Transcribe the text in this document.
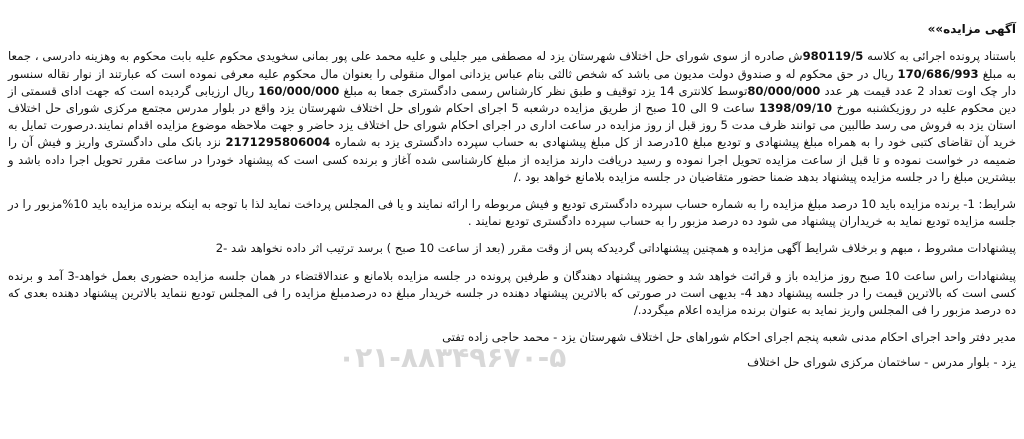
۰۲۱-۸۸۳۴۹۶۷۰-۵
آگهی مزایده»»

باستناد پرونده اجرائی به کلاسه 980119/5ش صادره از سوی شورای حل اختلاف شهرستان یزد له مصطفی میر جلیلی و علیه محمد علی پور بمانی سخویدی محکوم علیه بابت محکوم به وهزینه دادرسی ، جمعا به مبلغ 170/686/993 ریال در حق محکوم له و صندوق دولت مدیون می باشد که شخص ثالثی بنام عباس یزدانی اموال منقولی را بعنوان مال محکوم علیه معرفی نموده است که عبارتند از نوار نقاله سنسور دار چک اوت تعداد 2 عدد قیمت هر عدد 80/000/000توسط کلانتری 14 یزد توقیف و طبق نظر کارشناس رسمی دادگستری جمعا به مبلغ 160/000/000 ریال ارزیابی گردیده است که جهت ادای قسمتی از دین محکوم علیه در روزیکشنبه مورخ 1398/09/10 ساعت 9 الی 10 صبح از طریق مزایده درشعبه 5 اجرای احکام شورای حل اختلاف شهرستان یزد واقع در بلوار مدرس مجتمع مرکزی شورای حل اختلاف استان یزد به فروش می رسد طالبین می توانند ظرف مدت 5 روز قبل از روز مزایده در ساعت اداری در اجرای احکام شورای حل اختلاف یزد حاضر و جهت ملاحظه موضوع مزایده اقدام نمایند.درصورت تمایل به خرید آن تقاضای کتبی خود را به همراه مبلغ پیشنهادی و تودیع مبلغ 10درصد از کل مبلغ پیشنهادی به حساب سپرده دادگستری یزد به شماره 2171295806004 نزد بانک ملی دادگستری واریز و فیش آن را ضمیمه در خواست نموده و تا قبل از ساعت مزایده تحویل اجرا نموده و رسید دریافت دارند مزایده از مبلغ کارشناسی شده آغاز و برنده کسی است که پیشنهاد خودرا در ساعت مقرر تحویل اجرا داده باشد و بیشترین مبلغ را در جلسه مزایده پیشنهاد بدهد ضمنا حضور متقاضیان در جلسه مزایده بلامانع خواهد بود ./

شرایط: 1- برنده مزایده باید 10 درصد مبلغ مزایده را به شماره حساب سپرده دادگستری تودیع و فیش مربوطه را ارائه نمایند و یا فی المجلس پرداخت نماید لذا با توجه به اینکه برنده مزایده باید 10%مزبور را در جلسه مزایده تودیع نماید به خریداران پیشنهاد می شود ده درصد مزبور را به حساب سپرده دادگستری تودیع نمایند .

پیشنهادات مشروط ، مبهم و برخلاف شرایط آگهی مزایده و همچنین پیشنهاداتی گردیدکه پس از وقت مقرر (بعد از ساعت 10 صبح ) برسد ترتیب اثر داده نخواهد شد -2

پیشنهادات راس ساعت 10 صبح روز مزایده باز و قرائت خواهد شد و حضور پیشنهاد دهندگان و طرفین پرونده در جلسه مزایده بلامانع و عندالاقتضاء در همان جلسه مزایده حضوری بعمل خواهد-3 آمد و برنده کسی است که بالاترین قیمت را در جلسه پیشنهاد دهد 4- بدیهی است در صورتی که بالاترین پیشنهاد دهنده در جلسه خریدار مبلغ ده درصدمبلغ مزایده را فی المجلس تودیع ننماید بالاترین پیشنهاد دهنده بعدی که ده درصد مزبور را فی المجلس واریز نماید به عنوان برنده مزایده اعلام میگردد./

مدیر دفتر واحد اجرای احکام مدنی شعبه پنجم اجرای احکام شوراهای حل اختلاف شهرستان یزد - محمد حاجی زاده تفتی

یزد - بلوار مدرس - ساختمان مرکزی شورای حل اختلاف
